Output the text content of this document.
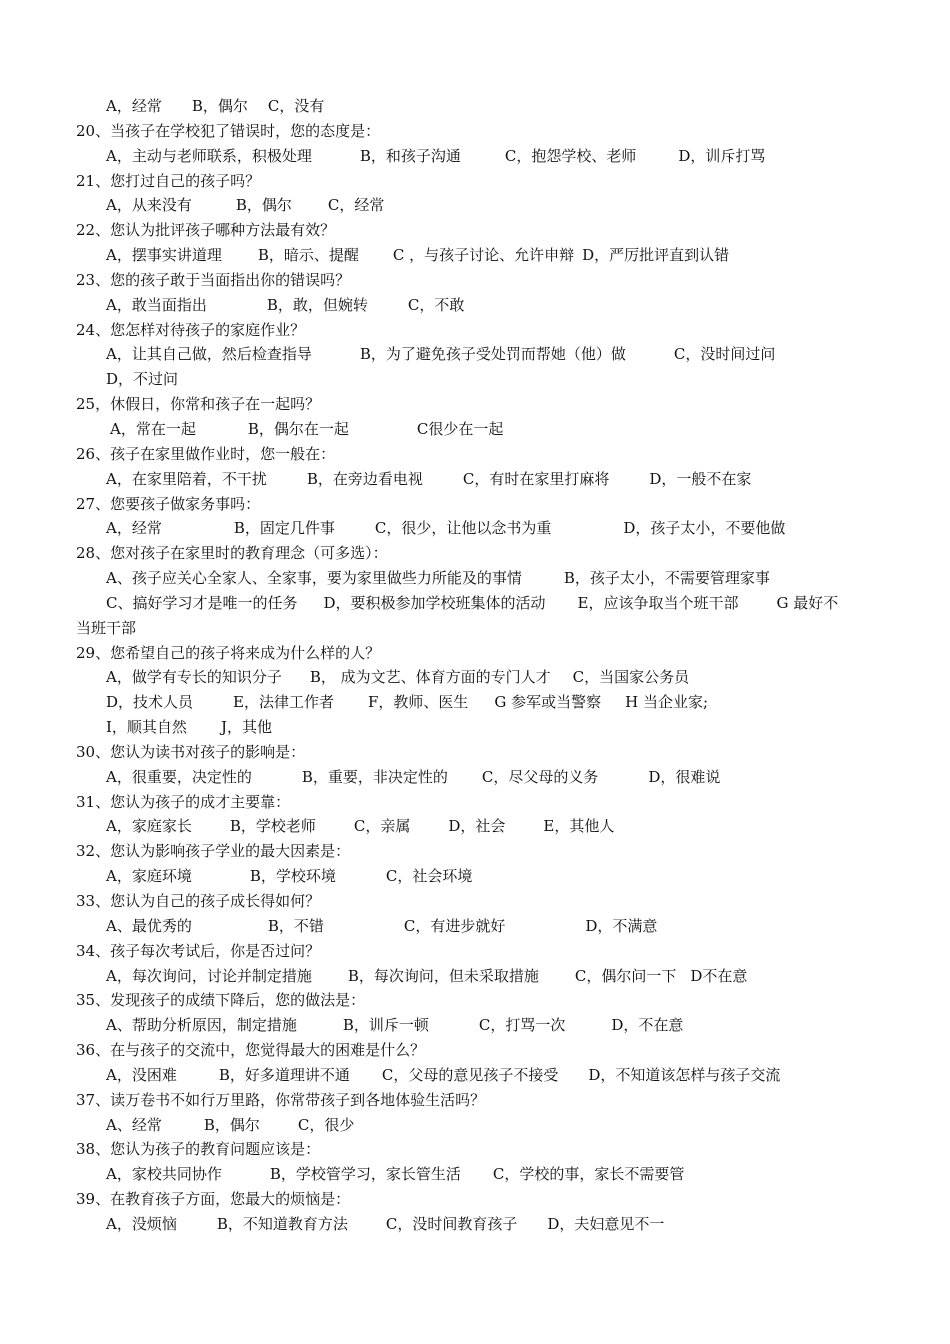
A，经常 B，偶尔 C，没有
20、当孩子在学校犯了错误时，您的态度是：
A，主动与老师联系，积极处理	B，和孩子沟通	C，抱怨学校、老师	D，训斥打骂
21、您打过自己的孩子吗？
A，从来没有	B，偶尔 C，经常
22、您认为批评孩子哪种方法最有效？
A，摆事实讲道理 B，暗示、提醒 C ，与孩子讨论、允许申辩 D，严厉批评直到认错
23、您的孩子敢于当面指出你的错误吗？
A，敢当面指出	B，敢，但婉转	C，不敢
24、您怎样对待孩子的家庭作业？
A，让其自己做，然后检查指导	B，为了避免孩子受处罚而帮她（他）做	C，没时间过问
D，不过问
25，休假日，你常和孩子在一起吗？
A，常在一起	B，偶尔在一起	C很少在一起
26、孩子在家里做作业时，您一般在：
A，在家里陪着，不干扰	B，在旁边看电视	C，有时在家里打麻将	D，一般不在家
27、您要孩子做家务事吗：
A，经常	B，固定几件事	C，很少，让他以念书为重	D，孩子太小，不要他做
28、您对孩子在家里时的教育理念（可多选）：
A、孩子应关心全家人、全家事，要为家里做些力所能及的事情	B，孩子太小，不需要管理家事
C、搞好学习才是唯一的任务 D，要积极参加学校班集体的活动 E，应该争取当个班干部	G 最好不
当班干部
29、您希望自己的孩子将来成为什么样的人？
A，做学有专长的知识分子 B， 成为文艺、体育方面的专门人才 C，当国家公务员
D，技术人员	E，法律工作者 F，教师、医生 G 参军或当警察 H 当企业家;
I，顺其自然 J，其他
30、您认为读书对孩子的影响是：
A，很重要，决定性的	B，重要，非决定性的 C，尽父母的义务	D，很难说
31、您认为孩子的成才主要靠：
A，家庭家长	B，学校老师	C，亲属	D，社会	E，其他人
32、您认为影响孩子学业的最大因素是：
A，家庭环境	B，学校环境	C，社会环境
33、您认为自己的孩子成长得如何？
A、最优秀的	B，不错	C，有进步就好	D，不满意
34、孩子每次考试后，你是否过问？
A，每次询问，讨论并制定措施 B，每次询问，但未采取措施 C，偶尔问一下 D不在意
35、发现孩子的成绩下降后，您的做法是：
A、帮助分析原因，制定措施	B，训斥一顿	C，打骂一次	D，不在意
36、在与孩子的交流中，您觉得最大的困难是什么？
A，没困难	B，好多道理讲不通 C，父母的意见孩子不接受 D，不知道该怎样与孩子交流
37、读万卷书不如行万里路，你常带孩子到各地体验生活吗？
A、经常	B，偶尔	C，很少
38、您认为孩子的教育问题应该是：
A，家校共同协作	B，学校管学习，家长管生活 C，学校的事，家长不需要管
39、在教育孩子方面，您最大的烦恼是：
A，没烦恼	B，不知道教育方法	C，没时间教育孩子 D，夫妇意见不一
